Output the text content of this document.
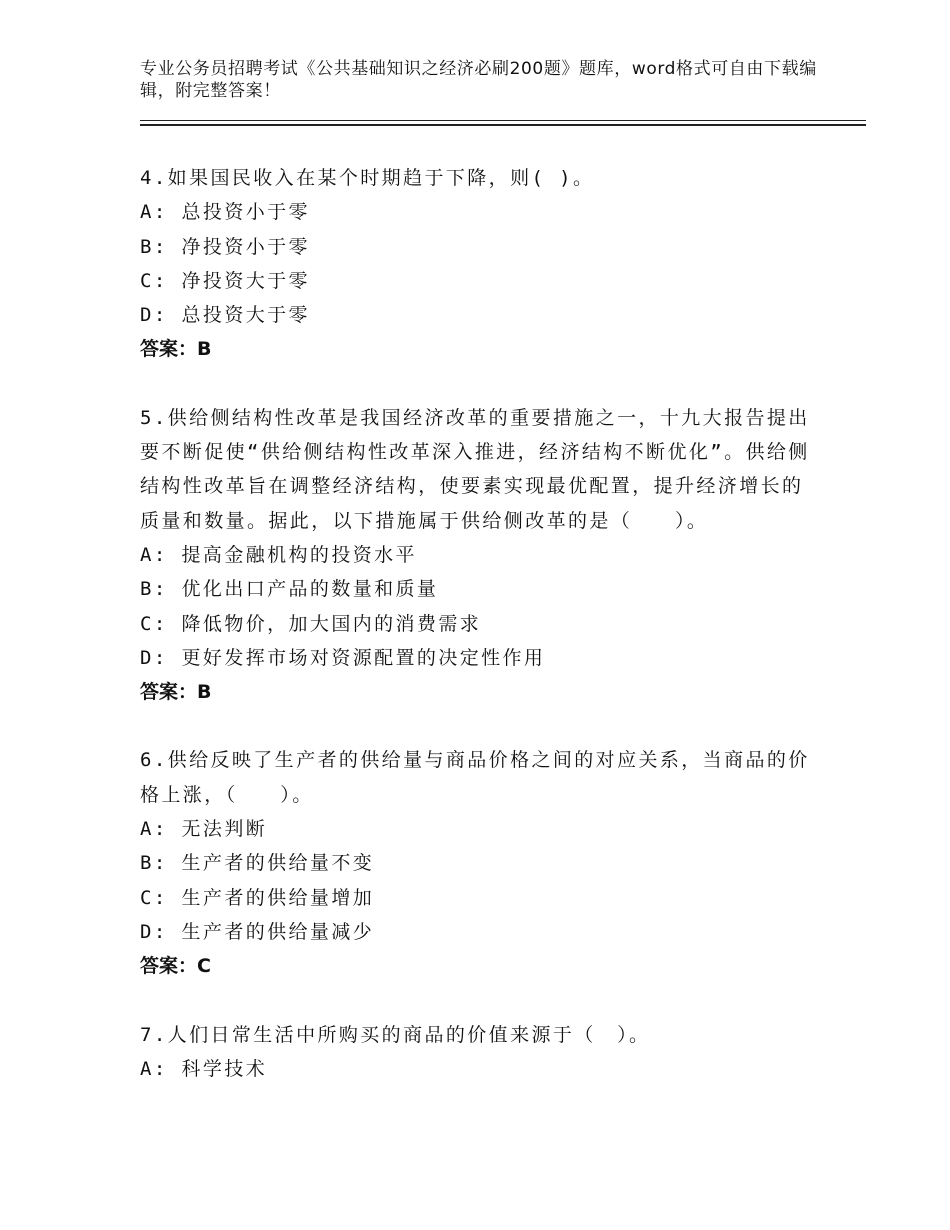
专业公务员招聘考试《公共基础知识之经济必刷200题》题库，word格式可自由下载编辑，附完整答案！
4.如果国民收入在某个时期趋于下降，则( )。
A: 总投资小于零
B: 净投资小于零
C: 净投资大于零
D: 总投资大于零
答案：B
5.供给侧结构性改革是我国经济改革的重要措施之一，十九大报告提出要不断促使“供给侧结构性改革深入推进，经济结构不断优化”。供给侧结构性改革旨在调整经济结构，使要素实现最优配置，提升经济增长的质量和数量。据此，以下措施属于供给侧改革的是（　　）。
A: 提高金融机构的投资水平
B: 优化出口产品的数量和质量
C: 降低物价，加大国内的消费需求
D: 更好发挥市场对资源配置的决定性作用
答案：B
6.供给反映了生产者的供给量与商品价格之间的对应关系，当商品的价格上涨，（　　）。
A: 无法判断
B: 生产者的供给量不变
C: 生产者的供给量增加
D: 生产者的供给量减少
答案：C
7.人们日常生活中所购买的商品的价值来源于（　）。
A: 科学技术
